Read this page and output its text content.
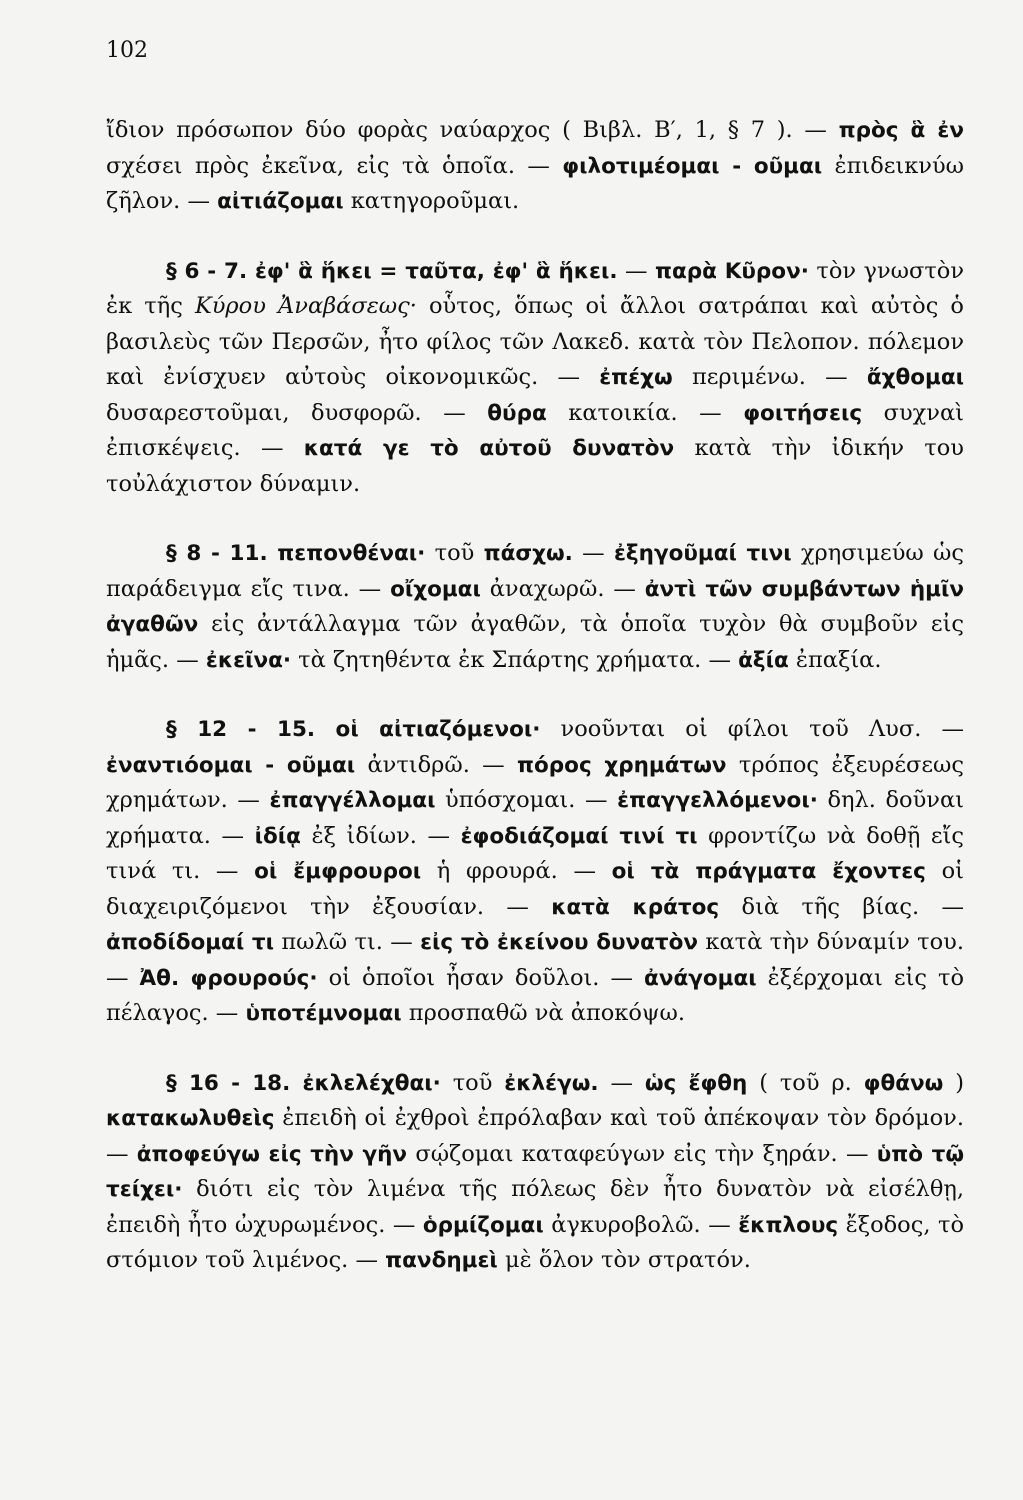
102

ἴδιον πρόσωπον δύο φορὰς ναύαρχος ( Βιβλ. Β′, 1, § 7 ). — πρὸς ἃ ἐν σχέσει πρὸς ἐκεῖνα, εἰς τὰ ὁποῖα. — φιλοτιμέομαι - οῦμαι ἐπιδεικνύω ζῆλον. — αἰτιάζομαι κατηγοροῦμαι.

§ 6 - 7. ἐφ' ἃ ἥκει = ταῦτα, ἐφ' ἃ ἥκει. — παρὰ Κῦρον· τὸν γνωστὸν ἐκ τῆς Κύρου Ἀναβάσεως· οὗτος, ὅπως οἱ ἄλλοι σατράπαι καὶ αὐτὸς ὁ βασιλεὺς τῶν Περσῶν, ἦτο φίλος τῶν Λακεδ. κατὰ τὸν Πελοπον. πόλεμον καὶ ἐνίσχυεν αὐτοὺς οἰκονομικῶς. — ἐπέχω περιμένω. — ἄχθομαι δυσαρεστοῦμαι, δυσφορῶ. — θύρα κατοικία. — φοιτήσεις συχναὶ ἐπισκέψεις. — κατά γε τὸ αὐτοῦ δυνατὸν κατὰ τὴν ἰδικήν του τοὐλάχιστον δύναμιν.

§ 8 - 11. πεπονθέναι· τοῦ πάσχω. — ἐξηγοῦμαί τινι χρησιμεύω ὡς παράδειγμα εἴς τινα. — οἴχομαι ἀναχωρῶ. — ἀντὶ τῶν συμβάντων ἡμῖν ἀγαθῶν εἰς ἀντάλλαγμα τῶν ἀγαθῶν, τὰ ὁποῖα τυχὸν θὰ συμβοῦν εἰς ἡμᾶς. — ἐκεῖνα· τὰ ζητηθέντα ἐκ Σπάρτης χρήματα. — ἀξία ἐπαξία.

§ 12 - 15. οἱ αἰτιαζόμενοι· νοοῦνται οἱ φίλοι τοῦ Λυσ. — ἐναντιόομαι - οῦμαι ἀντιδρῶ. — πόρος χρημάτων τρόπος ἐξευρέσεως χρημάτων. — ἐπαγγέλλομαι ὑπόσχομαι. — ἐπαγγελλόμενοι· δηλ. δοῦναι χρήματα. — ἰδίᾳ ἐξ ἰδίων. — ἐφοδιάζομαί τινί τι φροντίζω νὰ δοθῇ εἴς τινά τι. — οἱ ἔμφρουροι ἡ φρουρά. — οἱ τὰ πράγματα ἔχοντες οἱ διαχειριζόμενοι τὴν ἐξουσίαν. — κατὰ κράτος διὰ τῆς βίας. — ἀποδίδομαί τι πωλῶ τι. — εἰς τὸ ἐκείνου δυνατὸν κατὰ τὴν δύναμίν του. — Ἀθ. φρουρούς· οἱ ὁποῖοι ἦσαν δοῦλοι. — ἀνάγομαι ἐξέρχομαι εἰς τὸ πέλαγος. — ὑποτέμνομαι προσπαθῶ νὰ ἀποκόψω.

§ 16 - 18. ἐκλελέχθαι· τοῦ ἐκλέγω. — ὡς ἔφθη ( τοῦ ρ. φθάνω ) κατακωλυθεὶς ἐπειδὴ οἱ ἐχθροὶ ἐπρόλαβαν καὶ τοῦ ἀπέκοψαν τὸν δρόμον. — ἀποφεύγω εἰς τὴν γῆν σῴζομαι καταφεύγων εἰς τὴν ξηράν. — ὑπὸ τῷ τείχει· διότι εἰς τὸν λιμένα τῆς πόλεως δὲν ἦτο δυνατὸν νὰ εἰσέλθῃ, ἐπειδὴ ἦτο ὠχυρωμένος. — ὁρμίζομαι ἀγκυροβολῶ. — ἔκπλους ἔξοδος, τὸ στόμιον τοῦ λιμένος. — πανδημεὶ μὲ ὅλον τὸν στρατόν.
